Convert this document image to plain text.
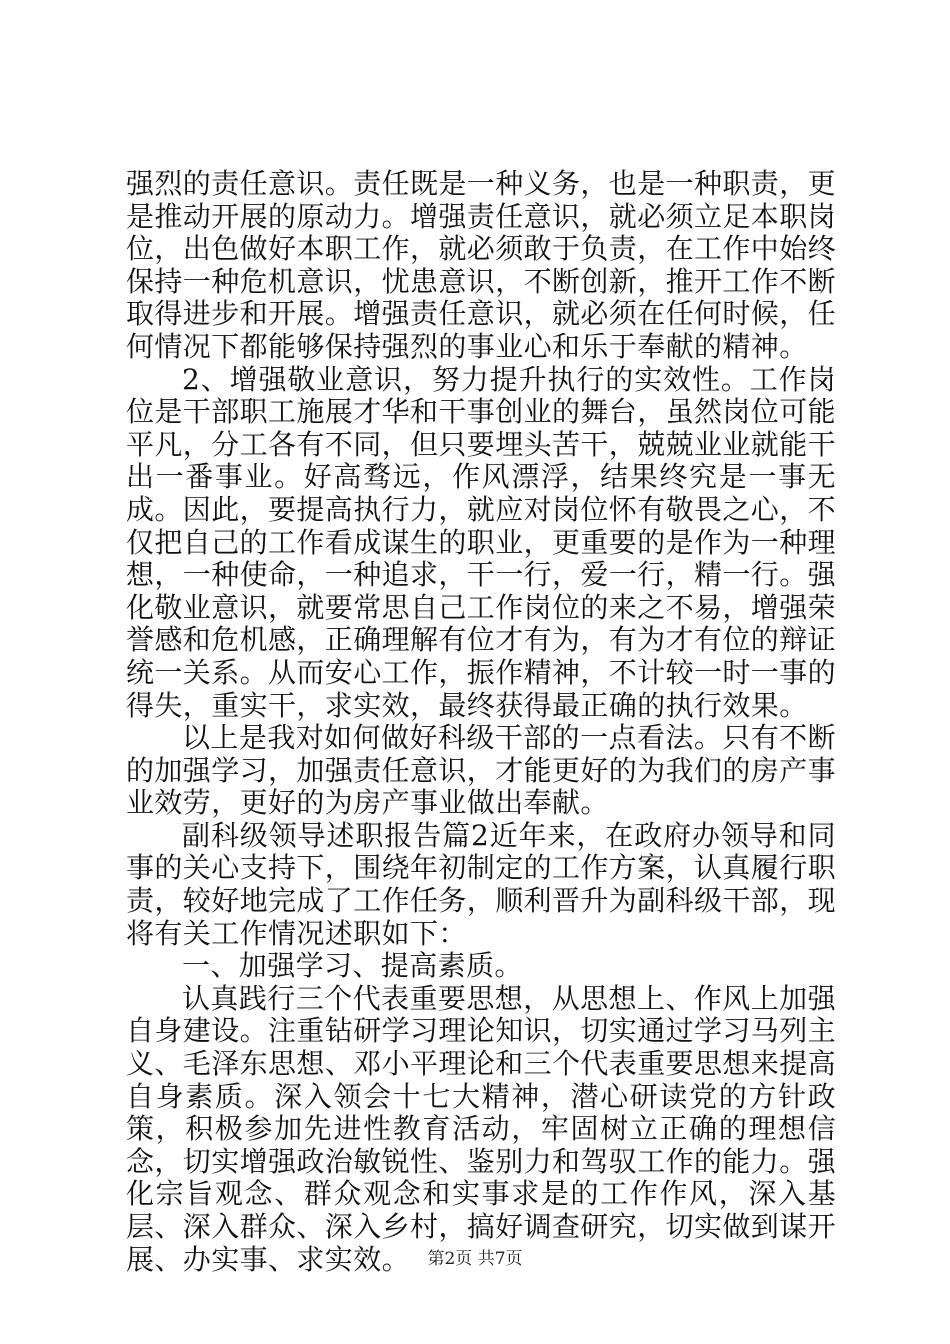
强烈的责任意识。责任既是一种义务，也是一种职责，更是推动开展的原动力。增强责任意识，就必须立足本职岗位，出色做好本职工作，就必须敢于负责，在工作中始终保持一种危机意识，忧患意识，不断创新，推开工作不断取得进步和开展。增强责任意识，就必须在任何时候，任何情况下都能够保持强烈的事业心和乐于奉献的精神。

2、增强敬业意识，努力提升执行的实效性。工作岗位是干部职工施展才华和干事创业的舞台，虽然岗位可能平凡，分工各有不同，但只要埋头苦干，兢兢业业就能干出一番事业。好高骛远，作风漂浮，结果终究是一事无成。因此，要提高执行力，就应对岗位怀有敬畏之心，不仅把自己的工作看成谋生的职业，更重要的是作为一种理想，一种使命，一种追求，干一行，爱一行，精一行。强化敬业意识，就要常思自己工作岗位的来之不易，增强荣誉感和危机感，正确理解有位才有为，有为才有位的辩证统一关系。从而安心工作，振作精神，不计较一时一事的得失，重实干，求实效，最终获得最正确的执行效果。

以上是我对如何做好科级干部的一点看法。只有不断的加强学习，加强责任意识，才能更好的为我们的房产事业效劳，更好的为房产事业做出奉献。

副科级领导述职报告篇2近年来，在政府办领导和同事的关心支持下，围绕年初制定的工作方案，认真履行职责，较好地完成了工作任务，顺利晋升为副科级干部，现将有关工作情况述职如下：

一、加强学习、提高素质。

认真践行三个代表重要思想，从思想上、作风上加强自身建设。注重钻研学习理论知识，切实通过学习马列主义、毛泽东思想、邓小平理论和三个代表重要思想来提高自身素质。深入领会十七大精神，潜心研读党的方针政策，积极参加先进性教育活动，牢固树立正确的理想信念，切实增强政治敏锐性、鉴别力和驾驭工作的能力。强化宗旨观念、群众观念和实事求是的工作作风，深入基层、深入群众、深入乡村，搞好调查研究，切实做到谋开展、办实事、求实效。	第2页 共7页
